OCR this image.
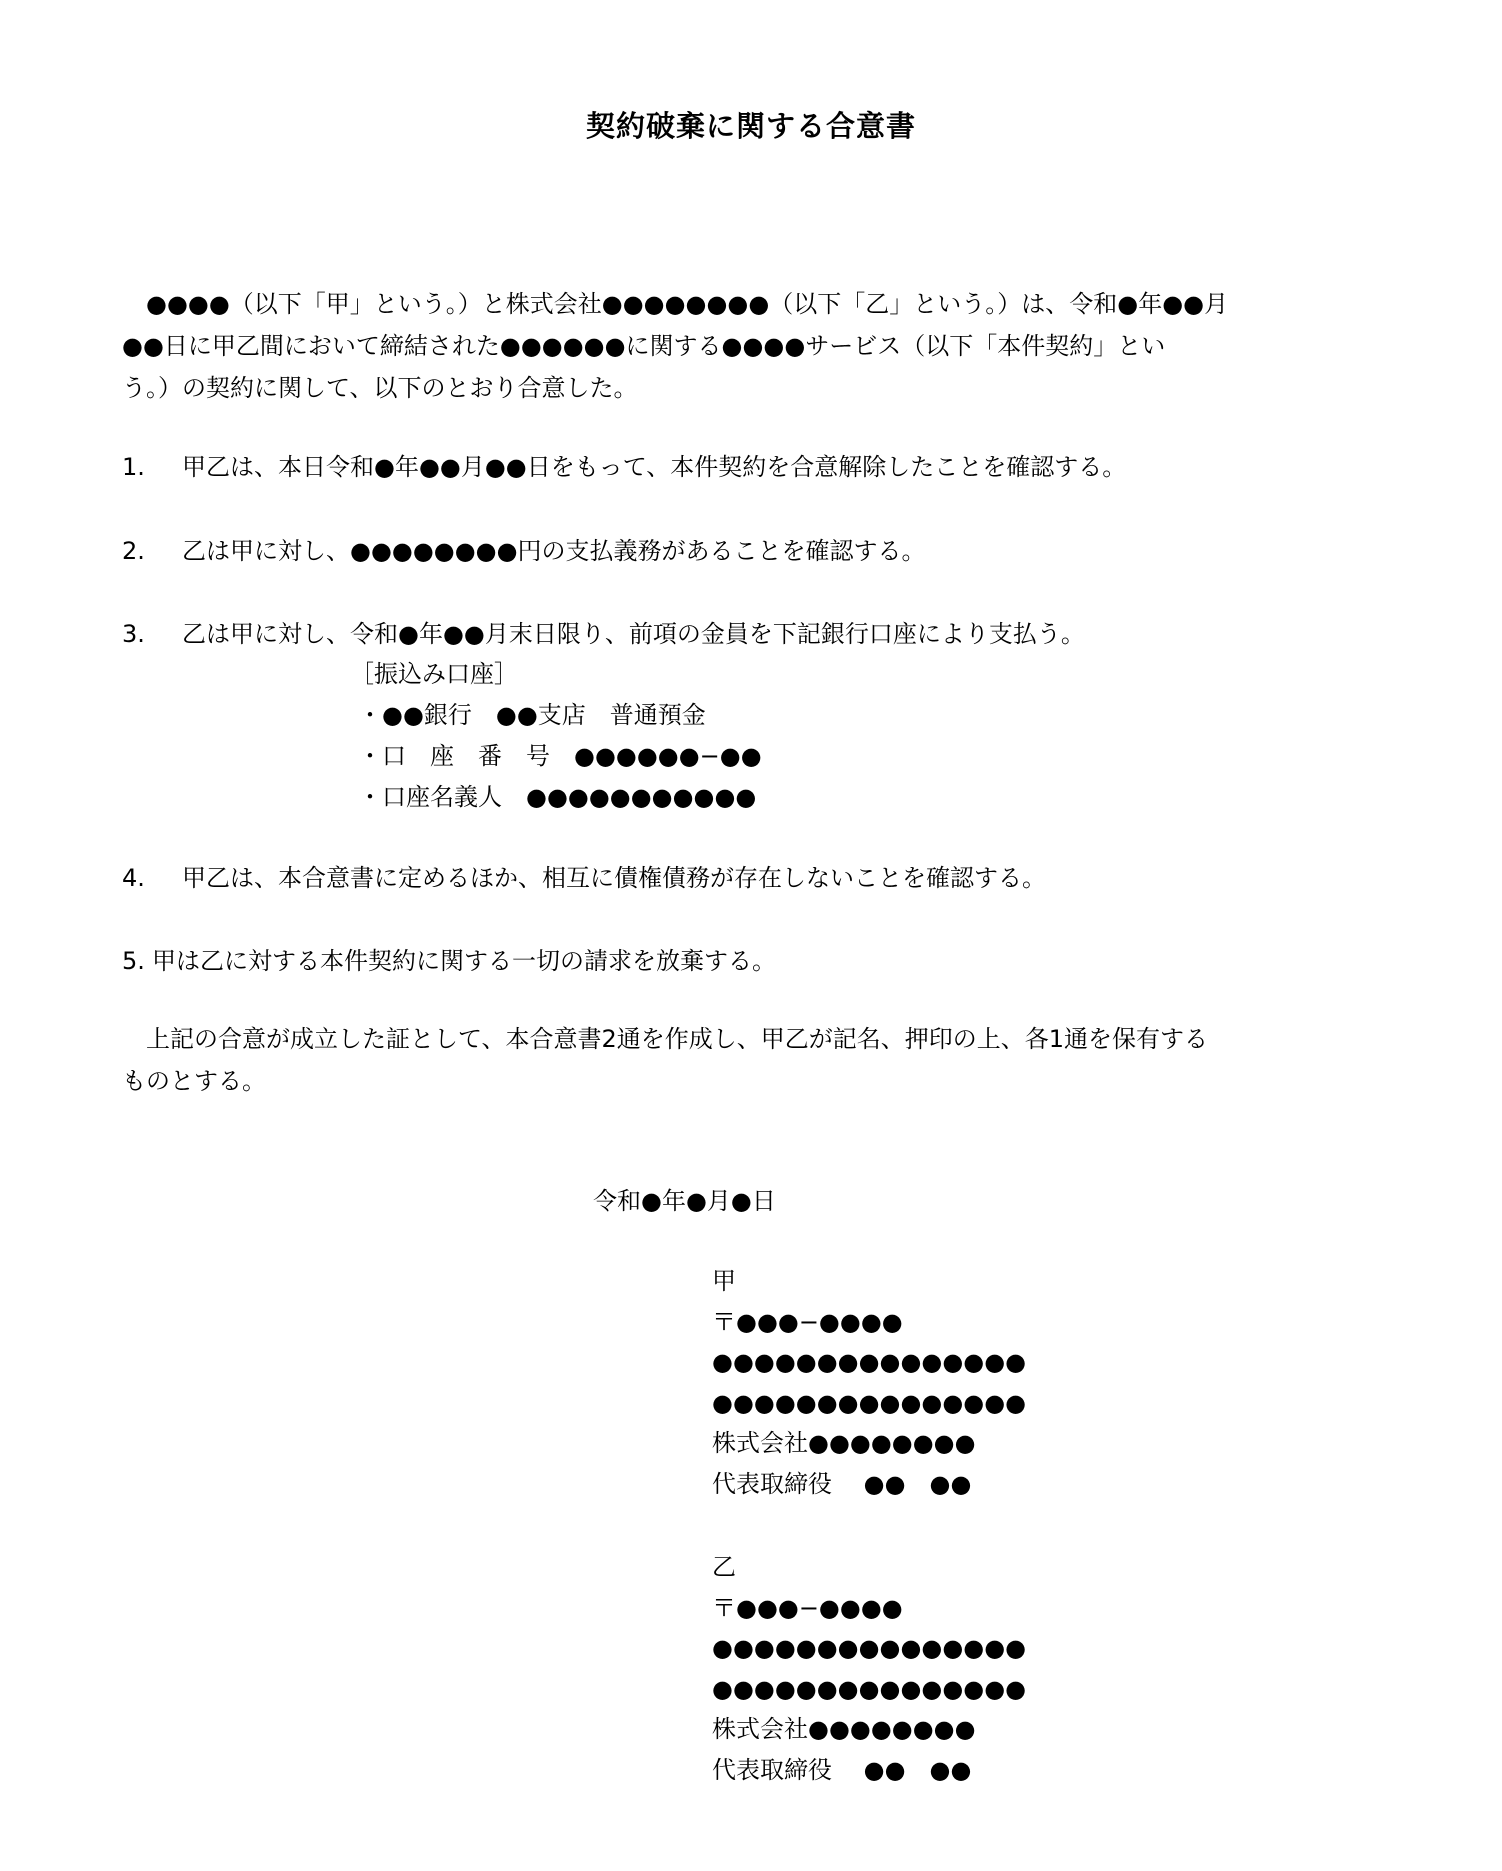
契約破棄に関する合意書
●●●●（以下「甲」という。）と株式会社●●●●●●●●（以下「乙」という。）は、令和●年●●月
●●日に甲乙間において締結された●●●●●●に関する●●●●サービス（以下「本件契約」とい
う。）の契約に関して、以下のとおり合意した。
1. 甲乙は、本日令和●年●●月●●日をもって、本件契約を合意解除したことを確認する。
2. 乙は甲に対し、●●●●●●●●円の支払義務があることを確認する。
3. 乙は甲に対し、令和●年●●月末日限り、前項の金員を下記銀行口座により支払う。
［振込み口座］
・●●銀行　●●支店　普通預金
・口　座　番　号　●●●●●●−●●
・口座名義人　●●●●●●●●●●●
4. 甲乙は、本合意書に定めるほか、相互に債権債務が存在しないことを確認する。
5. 甲は乙に対する本件契約に関する一切の請求を放棄する。
上記の合意が成立した証として、本合意書2通を作成し、甲乙が記名、押印の上、各1通を保有する
ものとする。
令和●年●月●日
甲
〒●●●−●●●●
●●●●●●●●●●●●●●●
●●●●●●●●●●●●●●●
株式会社●●●●●●●●
代表取締役　 ●●　●●
乙
〒●●●−●●●●
●●●●●●●●●●●●●●●
●●●●●●●●●●●●●●●
株式会社●●●●●●●●
代表取締役　 ●●　●●
